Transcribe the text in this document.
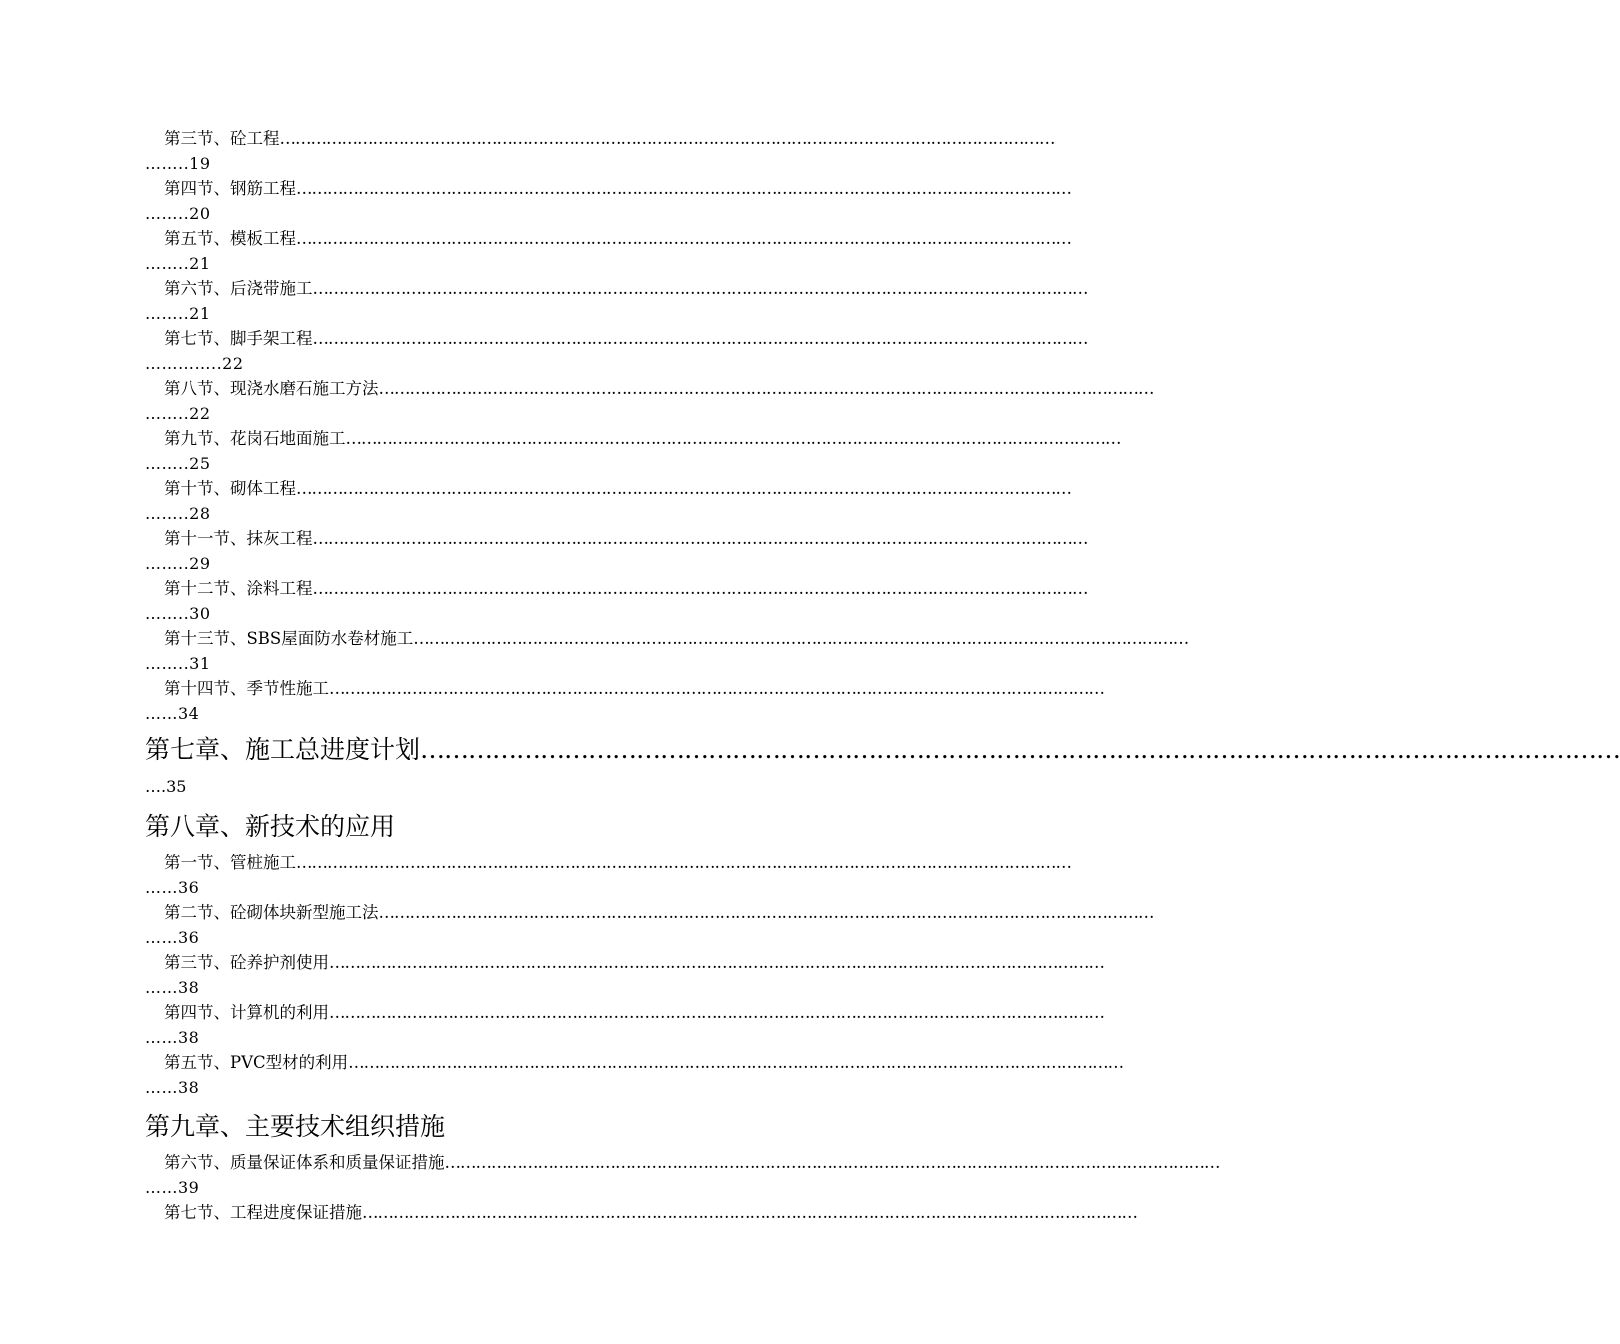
第三节、砼工程 ……………………………………………………………………………………………………………………………………
……..19
第四节、钢筋工程 ……………………………………………………………………………………………………………………………………
……..20
第五节、模板工程 ……………………………………………………………………………………………………………………………………
……..21
第六节、后浇带施工 ……………………………………………………………………………………………………………………………………
……..21
第七节、脚手架工程 ……………………………………………………………………………………………………………………………………
…………..22
第八节、现浇水磨石施工方法 ……………………………………………………………………………………………………………………………………
……..22
第九节、花岗石地面施工 ……………………………………………………………………………………………………………………………………
……..25
第十节、砌体工程 ……………………………………………………………………………………………………………………………………
……..28
第十一节、抹灰工程 ……………………………………………………………………………………………………………………………………
……..29
第十二节、涂料工程 ……………………………………………………………………………………………………………………………………
……..30
第十三节、SBS屋面防水卷材施工 ……………………………………………………………………………………………………………………………………
……..31
第十四节、季节性施工 ……………………………………………………………………………………………………………………………………
……34
第七章、施工总进度计划 ……………………………………………………………………………………………………………………………………
….35
第八章、新技术的应用
第一节、管桩施工 ……………………………………………………………………………………………………………………………………
……36
第二节、砼砌体块新型施工法 ……………………………………………………………………………………………………………………………………
……36
第三节、砼养护剂使用 ……………………………………………………………………………………………………………………………………
……38
第四节、计算机的利用 ……………………………………………………………………………………………………………………………………
……38
第五节、PVC型材的利用 ……………………………………………………………………………………………………………………………………
……38
第九章、主要技术组织措施
第六节、质量保证体系和质量保证措施 ……………………………………………………………………………………………………………………………………
……39
第七节、工程进度保证措施 ……………………………………………………………………………………………………………………………………
